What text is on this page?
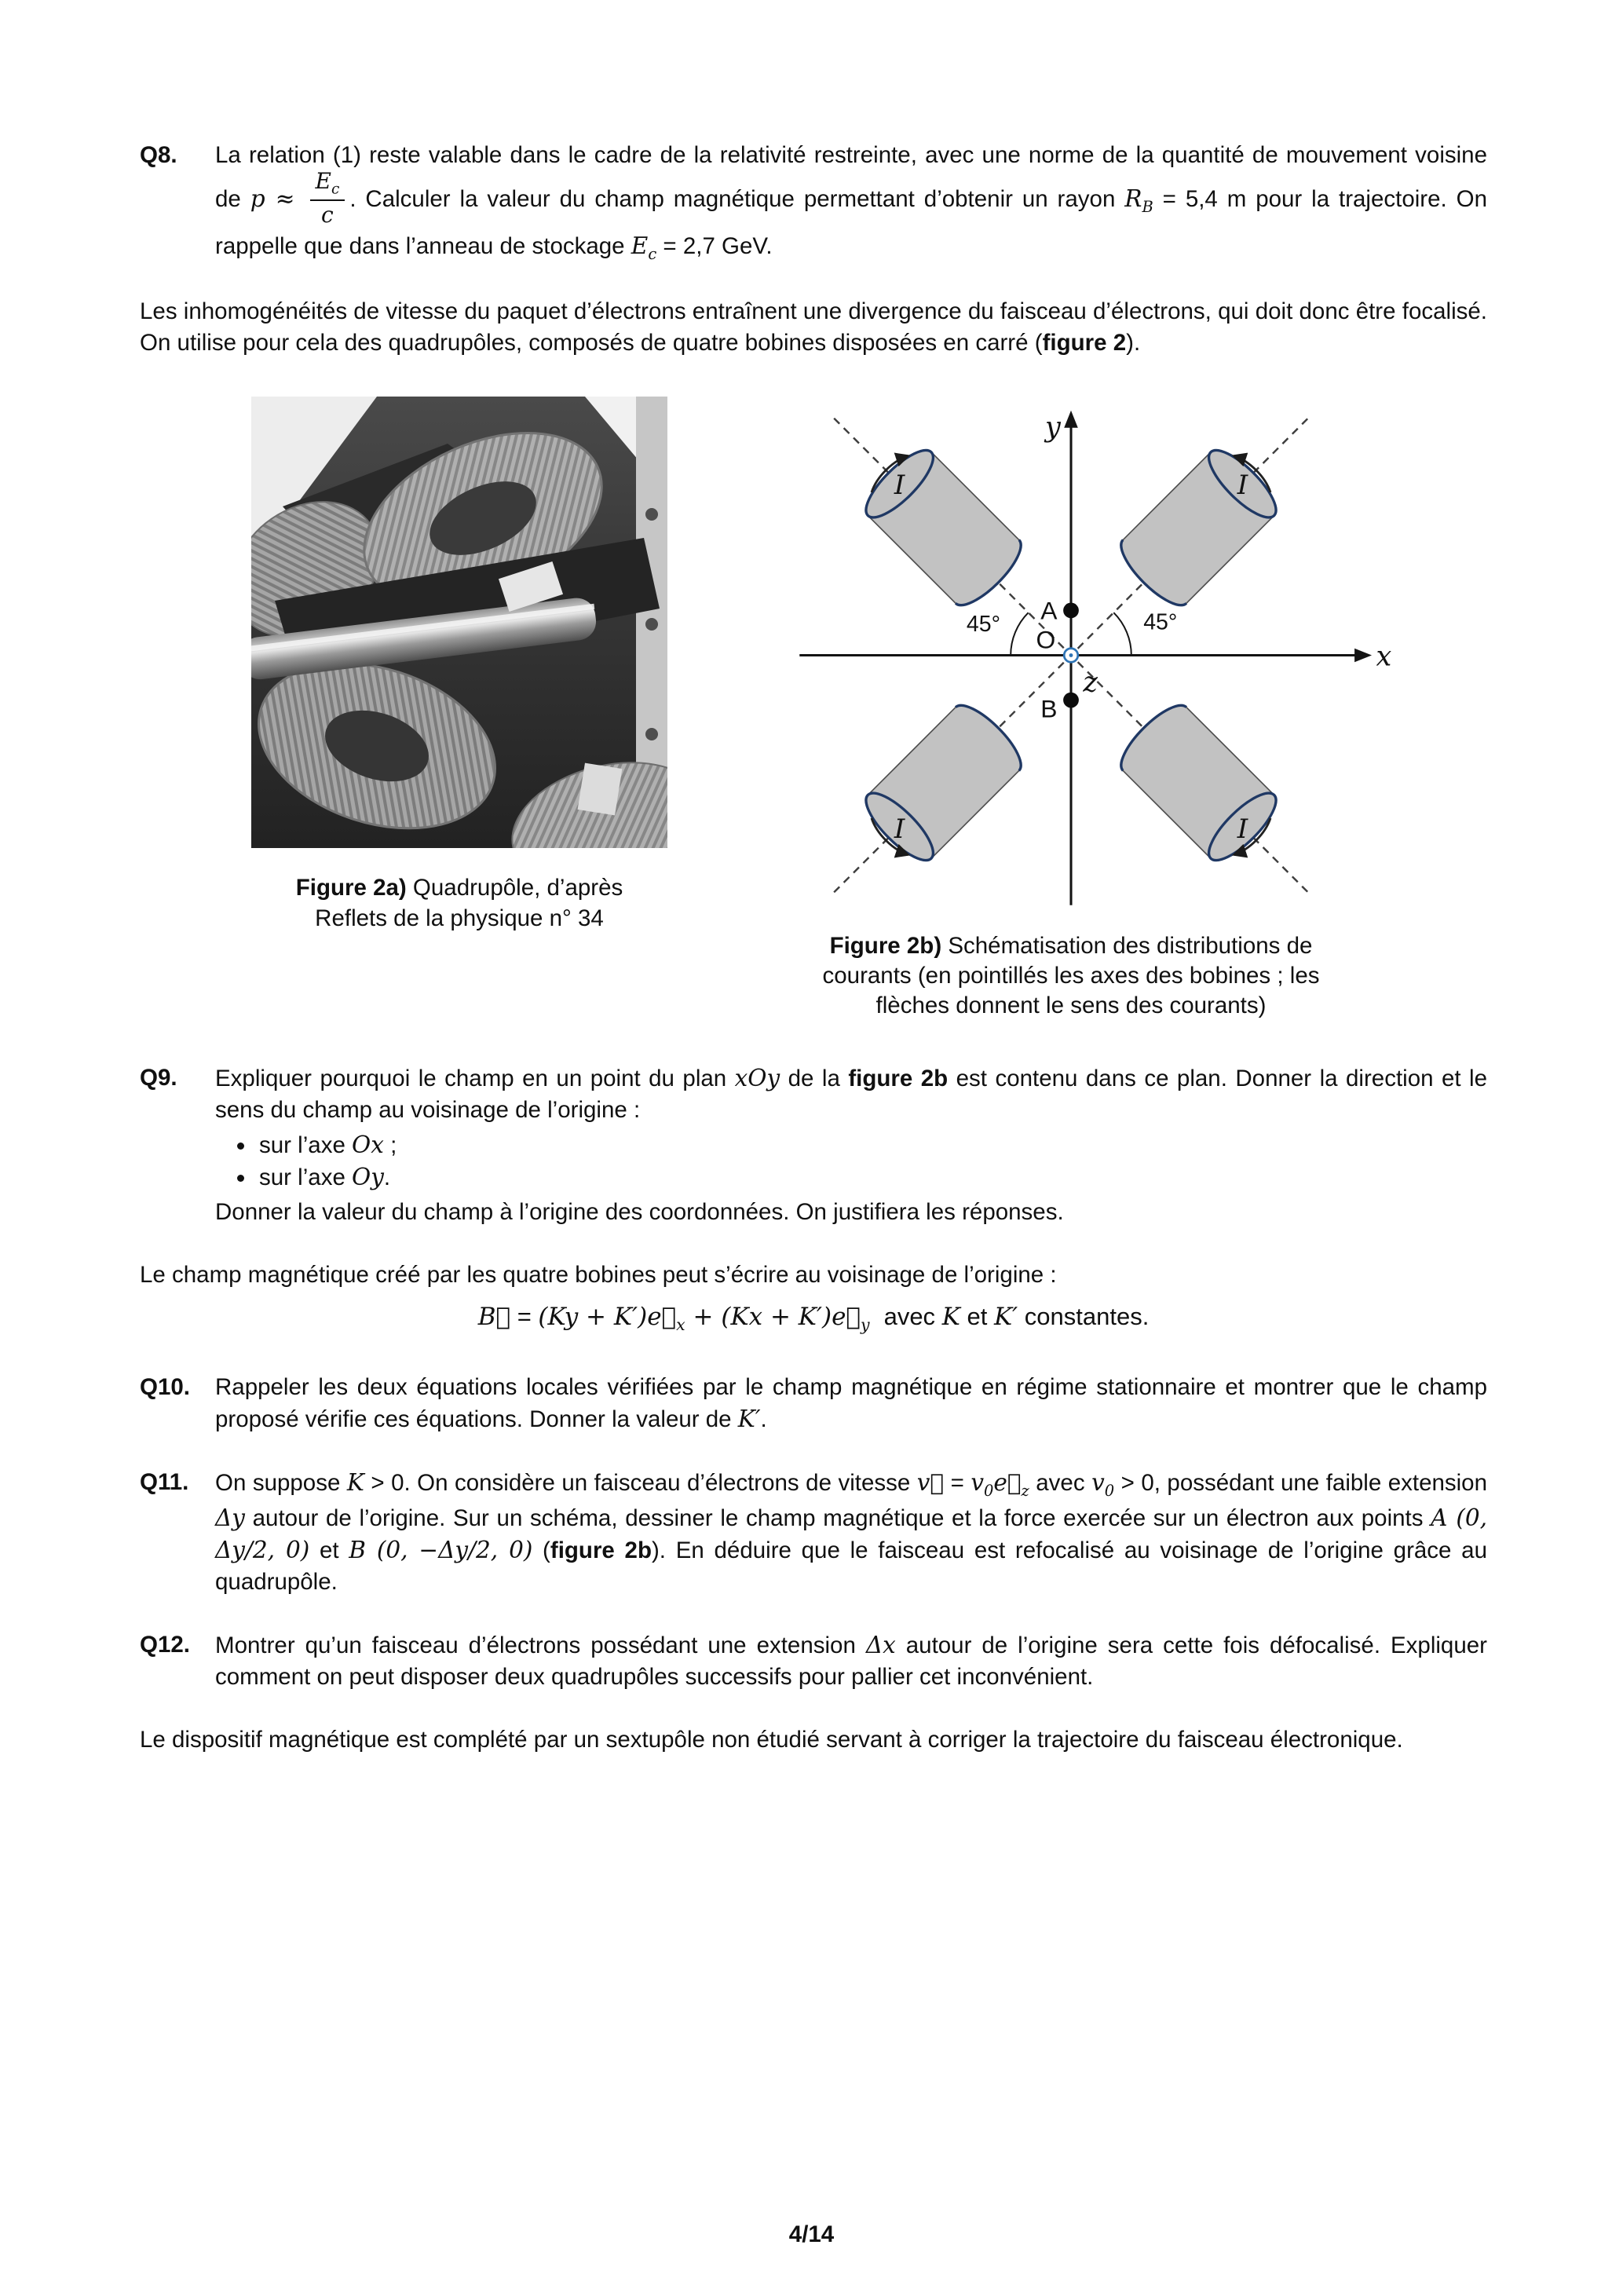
Q8.	La relation (1) reste valable dans le cadre de la relativité restreinte, avec une norme de la quantité de mouvement voisine de $p \approx \frac{E_c}{c}$ . Calculer la valeur du champ magnétique permettant d’obtenir un rayon $R_B = 5,4$ m pour la trajectoire. On rappelle que dans l’anneau de stockage $E_c = 2,7$ GeV.

Les inhomogénéités de vitesse du paquet d’électrons entraînent une divergence du faisceau d’électrons, qui doit donc être focalisé. On utilise pour cela des quadrupôles, composés de quatre bobines disposées en carré (figure 2).

Figure 2a) Quadrupôle, d’après Reflets de la physique n° 34
y
x
z
A
B
O
45°	45°
I	I
I	I
Figure 2b) Schématisation des distributions de courants (en pointillés les axes des bobines ; les flèches donnent le sens des courants)
Q9.	Expliquer pourquoi le champ en un point du plan xOy de la figure 2b est contenu dans ce plan. Donner la direction et le sens du champ au voisinage de l’origine :
• sur l’axe Ox ;
• sur l’axe Oy.
Donner la valeur du champ à l’origine des coordonnées. On justifiera les réponses.

Le champ magnétique créé par les quatre bobines peut s’écrire au voisinage de l’origine :

B⃗ = $(Ky + K')e⃗_x + (Kx$ + $K')e⃗_y$ avec K et K′ constantes.
Q10.	Rappeler les deux équations locales vérifiées par le champ magnétique en régime stationnaire et montrer que le champ proposé vérifie ces équations. Donner la valeur de K′.
Q11.	On suppose K > 0. On considère un faisceau d’électrons de vitesse v⃗ = $v_0e⃗_z$ avec $v_0 > 0$, possédant une faible extension Δy autour de l’origine. Sur un schéma, dessiner le champ magnétique et la force exercée sur un électron aux points A (0, Δy/2, 0) et B (0, −Δy/2, 0) (figure 2b). En déduire que le faisceau est refocalisé au voisinage de l’origine grâce au quadrupôle.
Q12.	Montrer qu’un faisceau d’électrons possédant une extension Δx autour de l’origine sera cette fois défocalisé. Expliquer comment on peut disposer deux quadrupôles successifs pour pallier cet inconvénient.

Le dispositif magnétique est complété par un sextupôle non étudié servant à corriger la trajectoire du faisceau électronique.

4/14
